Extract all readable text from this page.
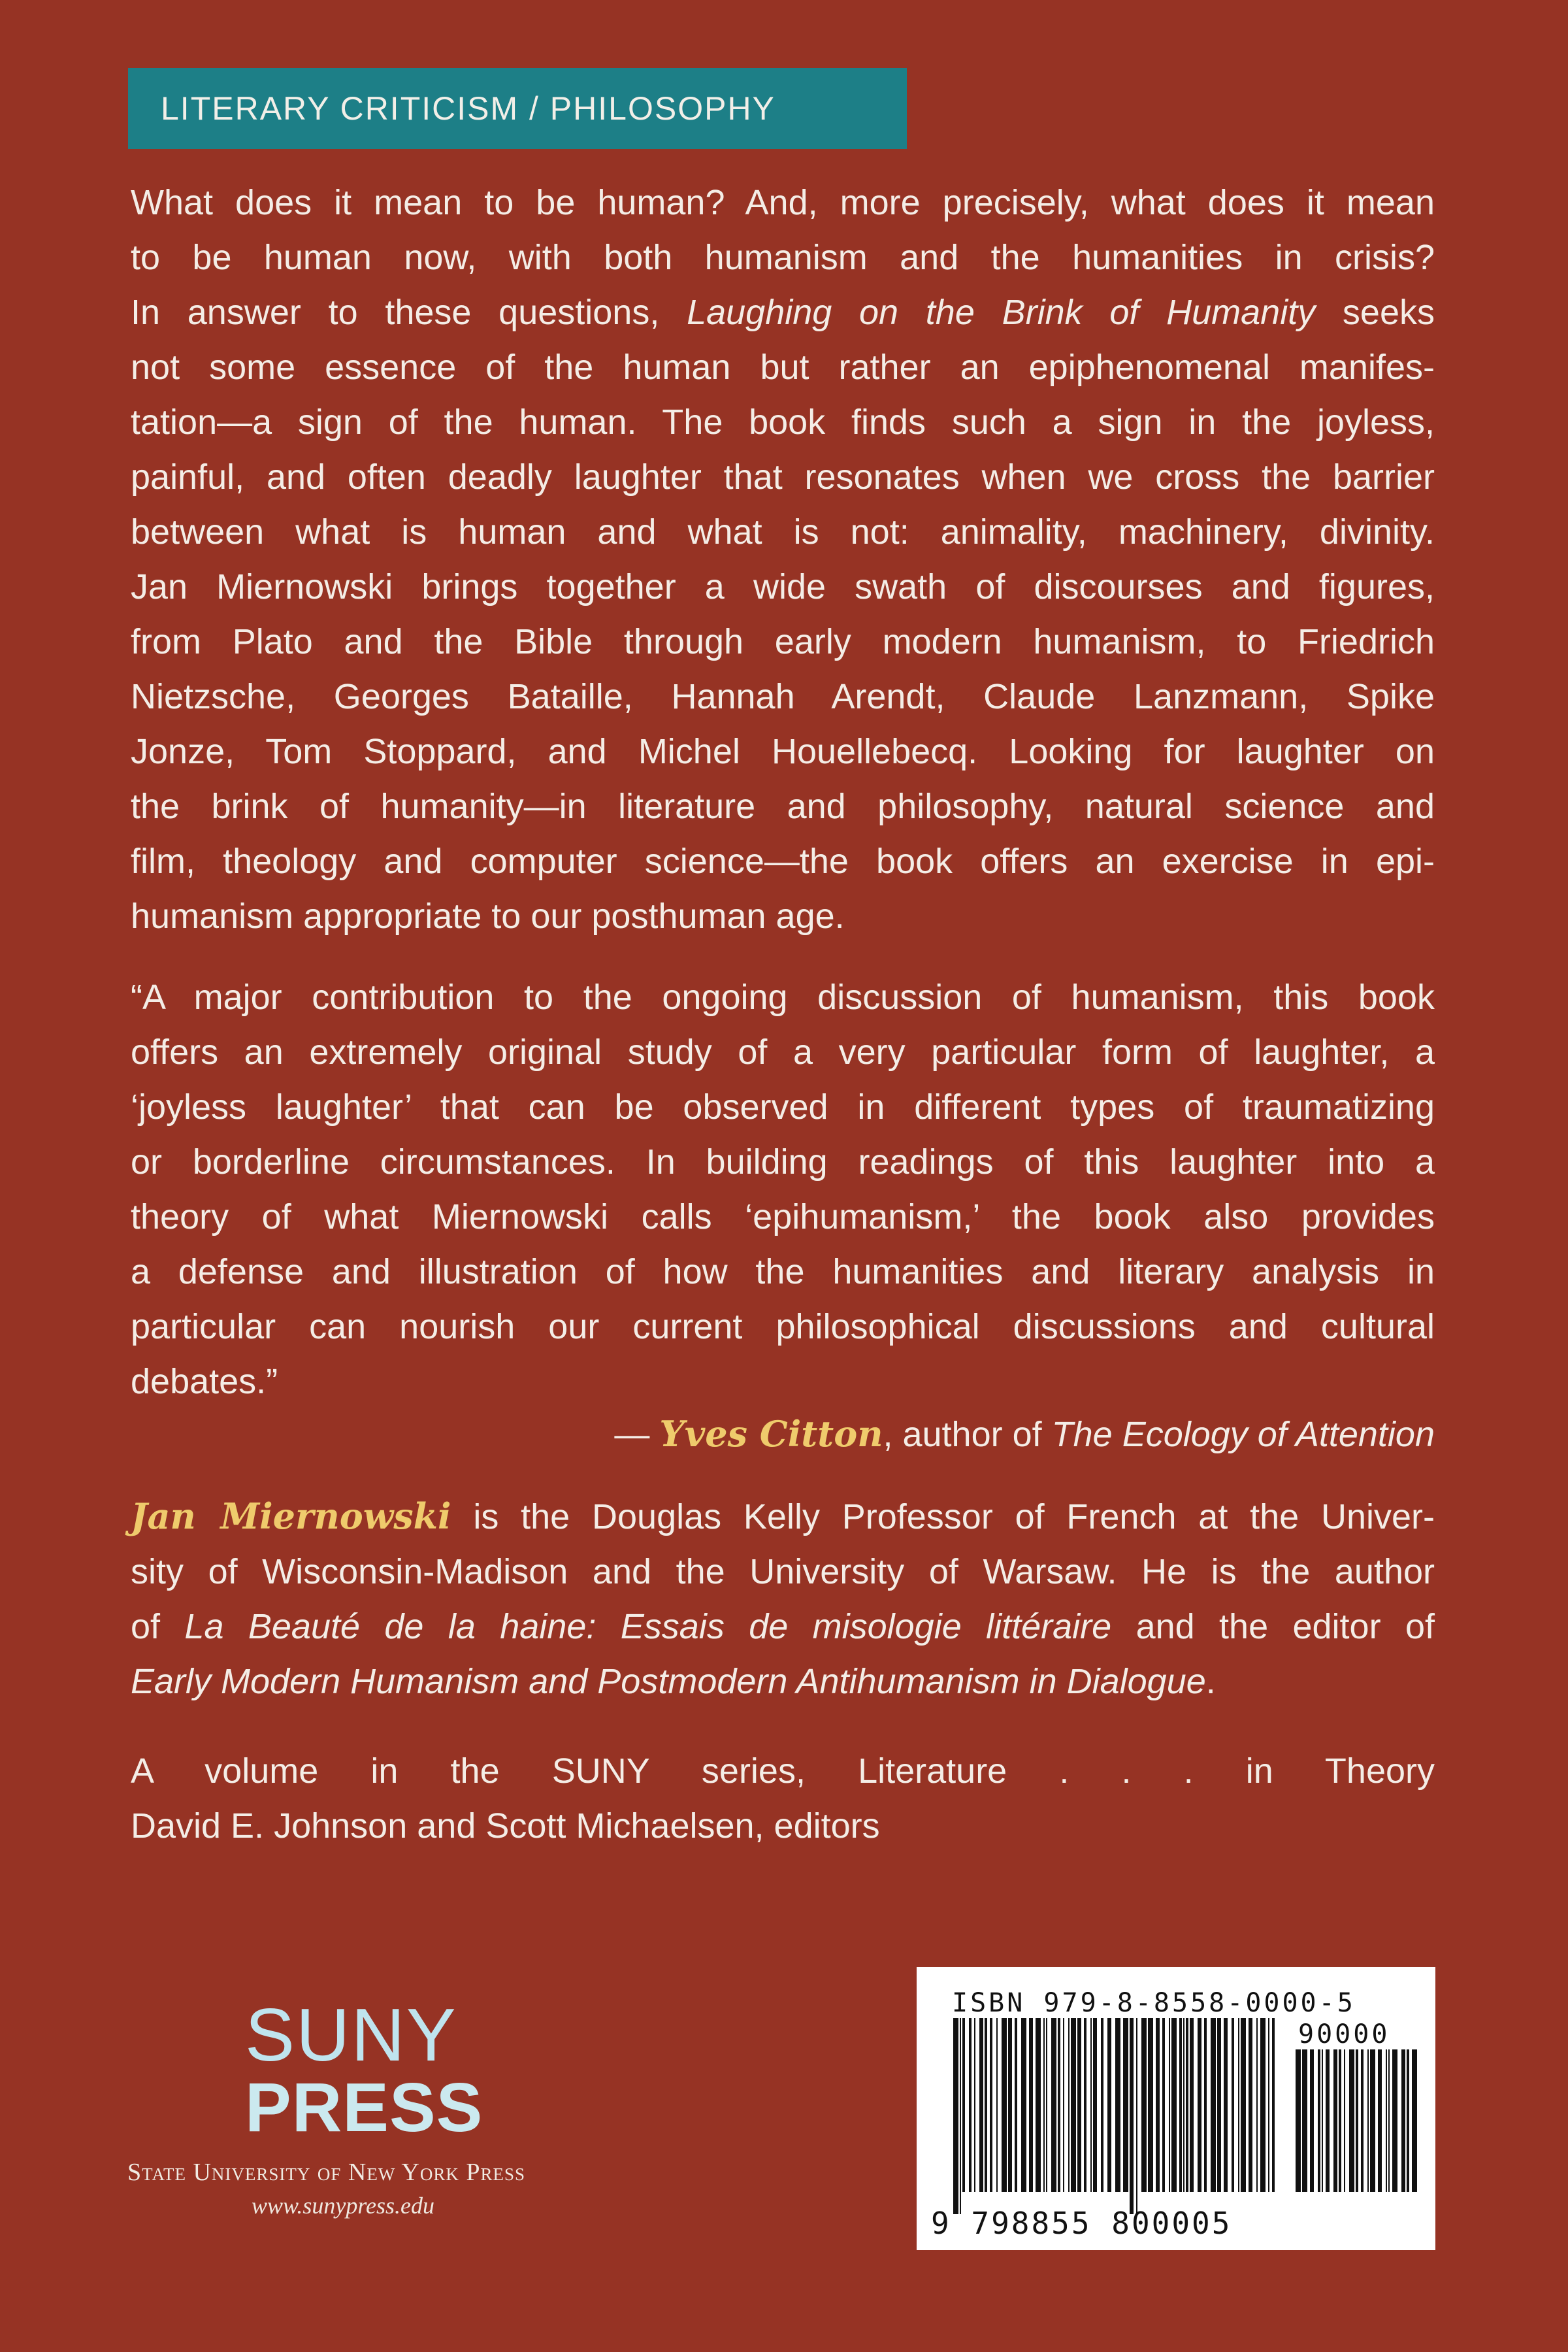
LITERARY CRITICISM / PHILOSOPHY
What does it mean to be human? And, more precisely, what does it mean
to be human now, with both humanism and the humanities in crisis?
In answer to these questions, Laughing on the Brink of Humanity seeks
not some essence of the human but rather an epiphenomenal manifes-
tation—a sign of the human. The book finds such a sign in the joyless,
painful, and often deadly laughter that resonates when we cross the barrier
between what is human and what is not: animality, machinery, divinity.
Jan Miernowski brings together a wide swath of discourses and figures,
from Plato and the Bible through early modern humanism, to Friedrich
Nietzsche, Georges Bataille, Hannah Arendt, Claude Lanzmann, Spike
Jonze, Tom Stoppard, and Michel Houellebecq. Looking for laughter on
the brink of humanity—in literature and philosophy, natural science and
film, theology and computer science—the book offers an exercise in epi-
humanism appropriate to our posthuman age.
“A major contribution to the ongoing discussion of humanism, this book
offers an extremely original study of a very particular form of laughter, a
‘joyless laughter’ that can be observed in different types of traumatizing
or borderline circumstances. In building readings of this laughter into a
theory of what Miernowski calls ‘epihumanism,’ the book also provides
a defense and illustration of how the humanities and literary analysis in
particular can nourish our current philosophical discussions and cultural
debates.”
— Yves Citton, author of The Ecology of Attention
Jan Miernowski is the Douglas Kelly Professor of French at the Univer-
sity of Wisconsin-Madison and the University of Warsaw. He is the author
of La Beauté de la haine: Essais de misologie littéraire and the editor of
Early Modern Humanism and Postmodern Antihumanism in Dialogue.
A volume in the SUNY series, Literature . . . in Theory
David E. Johnson and Scott Michaelsen, editors
SUNY
PRESS
State University of New York Press
www.sunypress.edu
ISBN 979-8-8558-0000-5
90000
9 798855 800005
